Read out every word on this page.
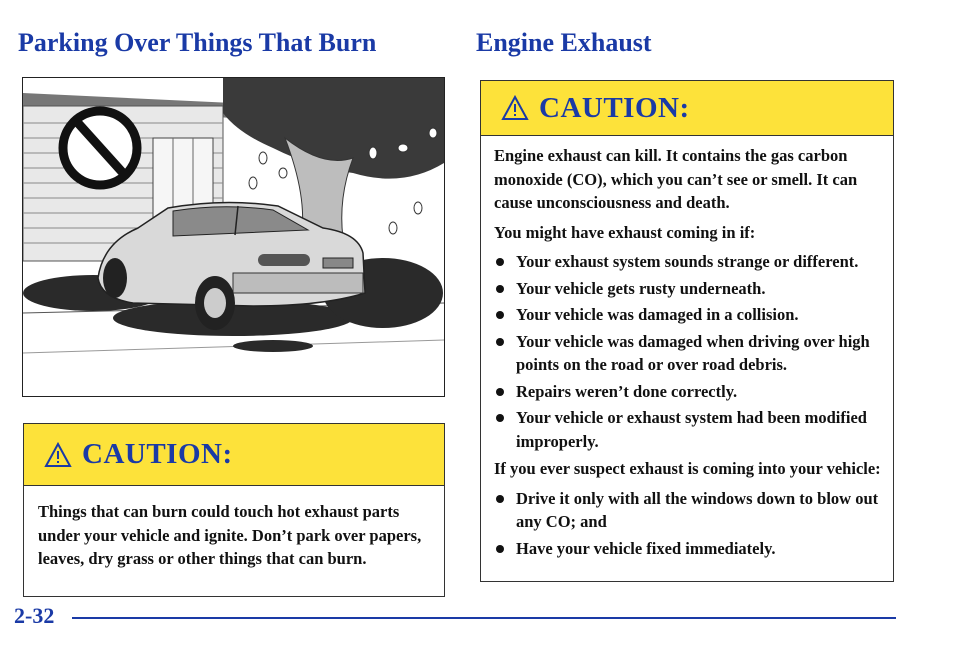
Parking Over Things That Burn	Engine Exhaust
CAUTION:

Things that can burn could touch hot exhaust parts under your vehicle and ignite. Don’t park over papers, leaves, dry grass or other things that can burn.

CAUTION:

Engine exhaust can kill. It contains the gas carbon monoxide (CO), which you can’t see or smell. It can cause unconsciousness and death.

You might have exhaust coming in if:

Your exhaust system sounds strange or different.
Your vehicle gets rusty underneath.
Your vehicle was damaged in a collision.
Your vehicle was damaged when driving over high points on the road or over road debris.
Repairs weren’t done correctly.
Your vehicle or exhaust system had been modified improperly.

If you ever suspect exhaust is coming into your vehicle:

Drive it only with all the windows down to blow out any CO; and
Have your vehicle fixed immediately.
2-32
